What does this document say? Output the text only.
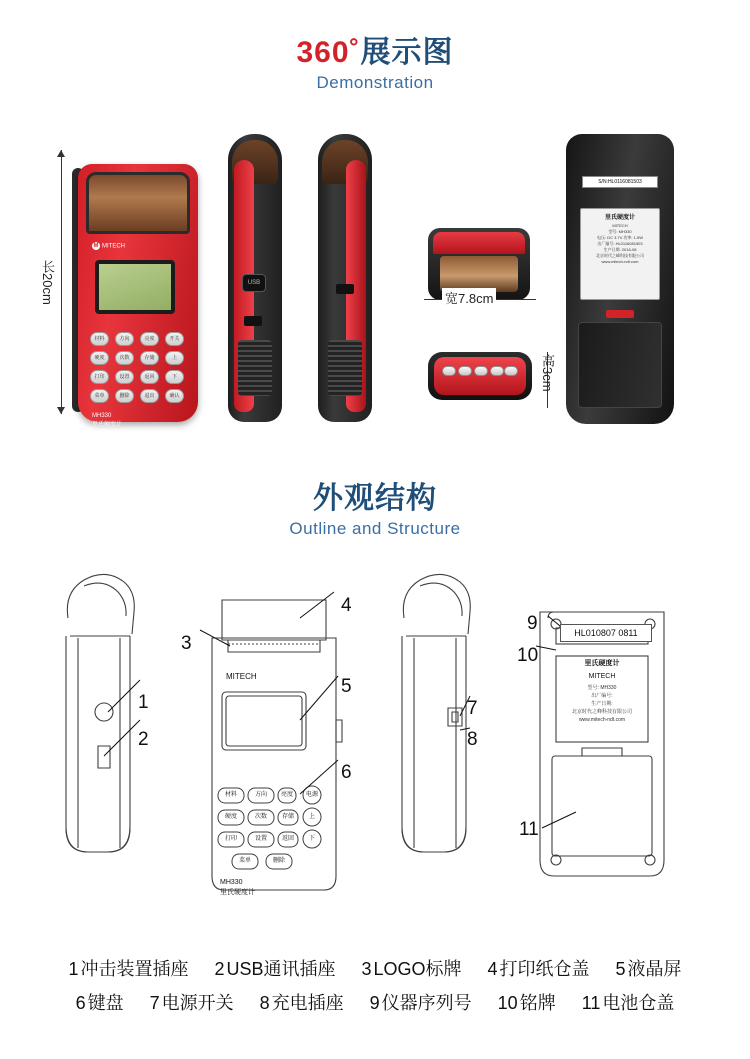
360˚展示图
Demonstration
长20cm
M MITECH
材料	方向	亮度	开关
硬度	次数	存储	上
打印	设置	返回	下
菜单	删除	退出	确认
MH330
里氏硬度计
USB
宽7.8cm
高3cm
S/N:HL0116081503
里氏硬度计
MITECH
型号: MH330
电压: DC 3.7V 功率: 1.5W
出厂编号: HL0116081503
生产日期: 2016-08
北京时代之峰科技有限公司
www.mitech-ndt.com
外观结构
Outline and Structure
HL010807 0811
里氏硬度计
MITECH
型号: MH330
出厂编号:
生产日期:
北京时代之峰科技有限公司
www.mitech-ndt.com
MITECH
MH330
里氏硬度计
材料	方向	亮度	电源
硬度	次数	存储	上
打印	设置	返回	下
菜单	删除
1
2
3
4
5
6
7
8
9
10
11
1 冲击装置插座 2 USB通讯插座 3 LOGO标牌 4 打印纸仓盖 5 液晶屏
6 键盘 7 电源开关 8 充电插座 9 仪器序列号 10 铭牌 11 电池仓盖
